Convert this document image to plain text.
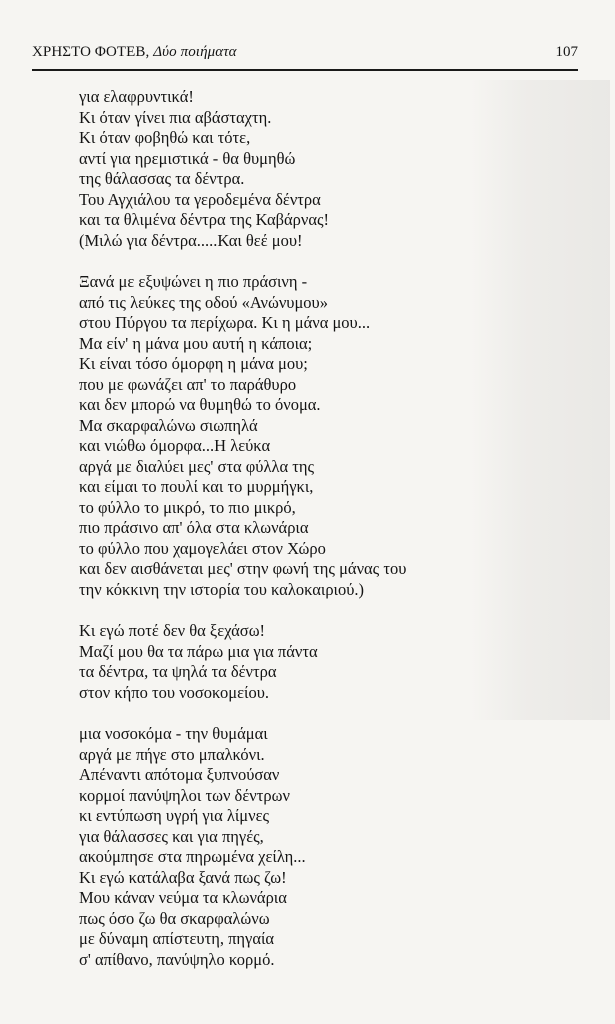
ΧΡΗΣΤΟ ΦΟΤΕΒ, Δύο ποιήματα	107
για ελαφρυντικά!
Κι όταν γίνει πια αβάσταχτη.
Κι όταν φοβηθώ και τότε,
αντί για ηρεμιστικά - θα θυμηθώ
της θάλασσας τα δέντρα.
Του Αγχιάλου τα γεροδεμένα δέντρα
και τα θλιμένα δέντρα της Καβάρνας!
(Μιλώ για δέντρα.....Και θεέ μου!
Ξανά με εξυψώνει η πιο πράσινη -
από τις λεύκες της οδού «Ανώνυμου»
στου Πύργου τα περίχωρα. Κι η μάνα μου...
Μα είν' η μάνα μου αυτή η κάποια;
Κι είναι τόσο όμορφη η μάνα μου;
που με φωνάζει απ' το παράθυρο
και δεν μπορώ να θυμηθώ το όνομα.
Μα σκαρφαλώνω σιωπηλά
και νιώθω όμορφα...Η λεύκα
αργά με διαλύει μες' στα φύλλα της
και είμαι το πουλί και το μυρμήγκι,
το φύλλο το μικρό, το πιο μικρό,
πιο πράσινο απ' όλα στα κλωνάρια
το φύλλο που χαμογελάει στον Χώρο
και δεν αισθάνεται μες' στην φωνή της μάνας του
την κόκκινη την ιστορία του καλοκαιριού.)
Κι εγώ ποτέ δεν θα ξεχάσω!
Μαζί μου θα τα πάρω μια για πάντα
τα δέντρα, τα ψηλά τα δέντρα
στον κήπο του νοσοκομείου.
μια νοσοκόμα - την θυμάμαι
αργά με πήγε στο μπαλκόνι.
Απέναντι απότομα ξυπνούσαν
κορμοί πανύψηλοι των δέντρων
κι εντύπωση υγρή για λίμνες
για θάλασσες και για πηγές,
ακούμπησε στα πηρωμένα χείλη...
Κι εγώ κατάλαβα ξανά πως ζω!
Μου κάναν νεύμα τα κλωνάρια
πως όσο ζω θα σκαρφαλώνω
με δύναμη απίστευτη, πηγαία
σ' απίθανο, πανύψηλο κορμό.
